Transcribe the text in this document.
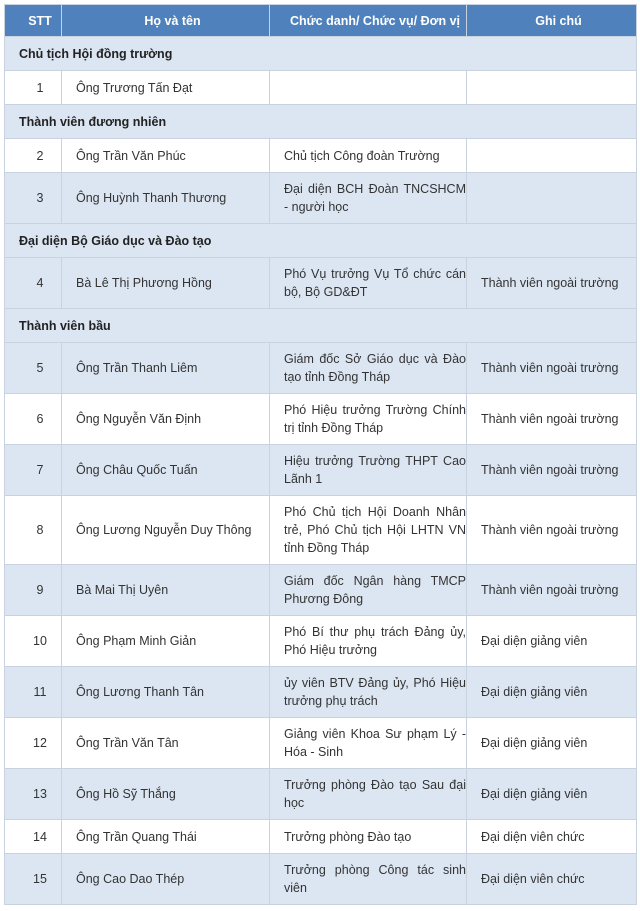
STT	Họ và tên	Chức danh/ Chức vụ/ Đơn vị	Ghi chú
Chủ tịch Hội đồng trường			
1	Ông Trương Tấn Đạt		
Thành viên đương nhiên			
2	Ông Trần Văn Phúc	Chủ tịch Công đoàn Trường	
3	Ông Huỳnh Thanh Thương	Đại diện BCH Đoàn TNCSHCM - người học	
Đại diện Bộ Giáo dục và Đào tạo			
4	Bà Lê Thị Phương Hồng	Phó Vụ trưởng Vụ Tổ chức cán bộ, Bộ GD&ĐT	Thành viên ngoài trường
Thành viên bầu			
5	Ông Trần Thanh Liêm	Giám đốc Sở Giáo dục và Đào tạo tỉnh Đồng Tháp	Thành viên ngoài trường
6	Ông Nguyễn Văn Định	Phó Hiệu trưởng Trường Chính trị tỉnh Đồng Tháp	Thành viên ngoài trường
7	Ông Châu Quốc Tuấn	Hiệu trưởng Trường THPT Cao Lãnh 1	Thành viên ngoài trường
8	Ông Lương Nguyễn Duy Thông	Phó Chủ tịch Hội Doanh Nhân trẻ, Phó Chủ tịch Hội LHTN VN tỉnh Đồng Tháp	Thành viên ngoài trường
9	Bà Mai Thị Uyên	Giám đốc Ngân hàng TMCP Phương Đông	Thành viên ngoài trường
10	Ông Phạm Minh Giản	Phó Bí thư phụ trách Đảng ủy, Phó Hiệu trưởng	Đại diện giảng viên
11	Ông Lương Thanh Tân	ủy viên BTV Đảng ủy, Phó Hiệu trưởng phụ trách	Đại diện giảng viên
12	Ông Trần Văn Tân	Giảng viên Khoa Sư phạm Lý - Hóa - Sinh	Đại diện giảng viên
13	Ông Hồ Sỹ Thắng	Trưởng phòng Đào tạo Sau đại học	Đại diện giảng viên
14	Ông Trần Quang Thái	Trưởng phòng Đào tạo	Đại diện viên chức
15	Ông Cao Dao Thép	Trưởng phòng Công tác sinh viên	Đại diện viên chức
